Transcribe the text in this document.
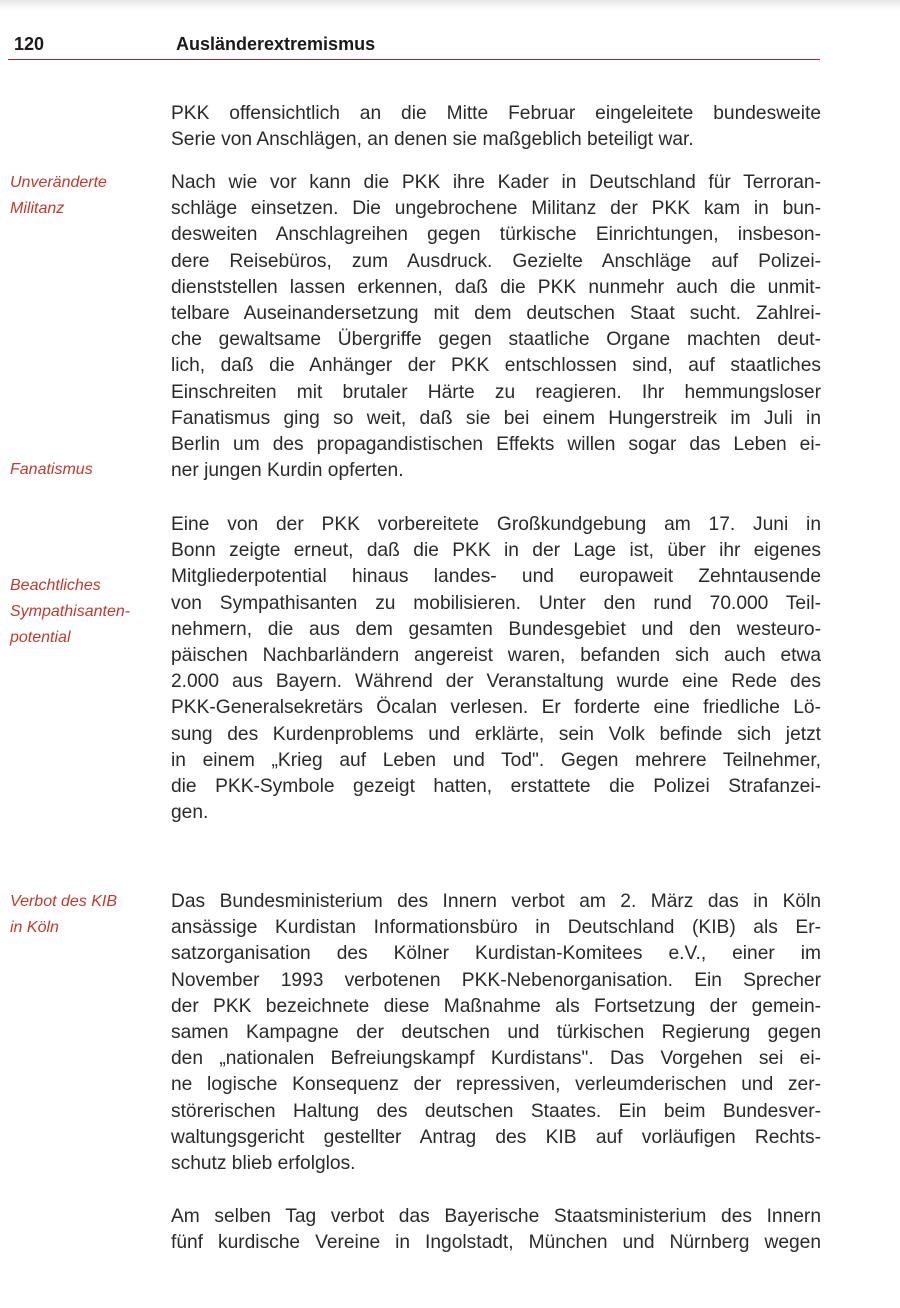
120	Ausländerextremismus
Unveränderte
Militanz
Fanatismus
Beachtliches
Sympathisanten-
potential
Verbot des KIB
in Köln
PKK offensichtlich an die Mitte Februar eingeleitete bundesweite
Serie von Anschlägen, an denen sie maßgeblich beteiligt war.
Nach wie vor kann die PKK ihre Kader in Deutschland für Terroran-
schläge einsetzen. Die ungebrochene Militanz der PKK kam in bun-
desweiten Anschlagreihen gegen türkische Einrichtungen, insbeson-
dere Reisebüros, zum Ausdruck. Gezielte Anschläge auf Polizei-
dienststellen lassen erkennen, daß die PKK nunmehr auch die unmit-
telbare Auseinandersetzung mit dem deutschen Staat sucht. Zahlrei-
che gewaltsame Übergriffe gegen staatliche Organe machten deut-
lich, daß die Anhänger der PKK entschlossen sind, auf staatliches
Einschreiten mit brutaler Härte zu reagieren. Ihr hemmungsloser
Fanatismus ging so weit, daß sie bei einem Hungerstreik im Juli in
Berlin um des propagandistischen Effekts willen sogar das Leben ei-
ner jungen Kurdin opferten.
Eine von der PKK vorbereitete Großkundgebung am 17. Juni in
Bonn zeigte erneut, daß die PKK in der Lage ist, über ihr eigenes
Mitgliederpotential hinaus landes- und europaweit Zehntausende
von Sympathisanten zu mobilisieren. Unter den rund 70.000 Teil-
nehmern, die aus dem gesamten Bundesgebiet und den westeuro-
päischen Nachbarländern angereist waren, befanden sich auch etwa
2.000 aus Bayern. Während der Veranstaltung wurde eine Rede des
PKK-Generalsekretärs Öcalan verlesen. Er forderte eine friedliche Lö-
sung des Kurdenproblems und erklärte, sein Volk befinde sich jetzt
in einem „Krieg auf Leben und Tod". Gegen mehrere Teilnehmer,
die PKK-Symbole gezeigt hatten, erstattete die Polizei Strafanzei-
gen.
Das Bundesministerium des Innern verbot am 2. März das in Köln
ansässige Kurdistan Informationsbüro in Deutschland (KIB) als Er-
satzorganisation des Kölner Kurdistan-Komitees e.V., einer im
November 1993 verbotenen PKK-Nebenorganisation. Ein Sprecher
der PKK bezeichnete diese Maßnahme als Fortsetzung der gemein-
samen Kampagne der deutschen und türkischen Regierung gegen
den „nationalen Befreiungskampf Kurdistans". Das Vorgehen sei ei-
ne logische Konsequenz der repressiven, verleumderischen und zer-
störerischen Haltung des deutschen Staates. Ein beim Bundesver-
waltungsgericht gestellter Antrag des KIB auf vorläufigen Rechts-
schutz blieb erfolglos.
Am selben Tag verbot das Bayerische Staatsministerium des Innern
fünf kurdische Vereine in Ingolstadt, München und Nürnberg wegen
